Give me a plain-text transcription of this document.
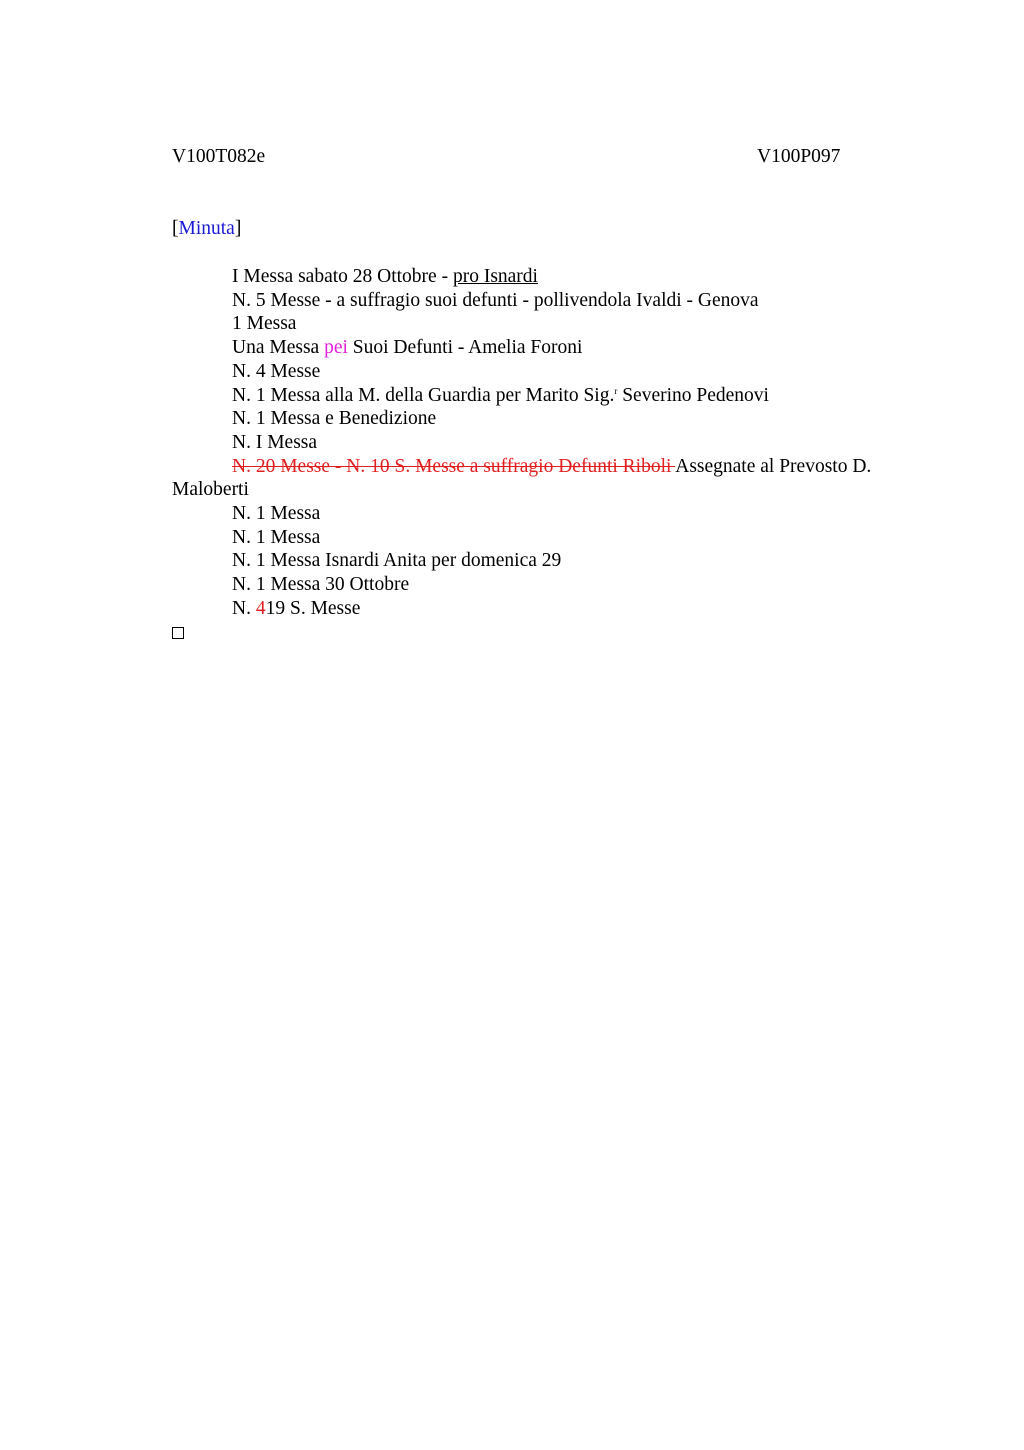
V100T082e	V100P097
[Minuta]
I Messa sabato 28 Ottobre - pro Isnardi
N. 5 Messe - a suffragio suoi defunti - pollivendola Ivaldi - Genova
1 Messa
Una Messa pei Suoi Defunti - Amelia Foroni
N. 4 Messe
N. 1 Messa alla M. della Guardia per Marito Sig.$^r$ Severino Pedenovi
N. 1 Messa e Benedizione
N. I Messa
N. 20 Messe - N. 10 S. Messe a suffragio Defunti Riboli Assegnate al Prevosto D. Maloberti
N. 1 Messa
N. 1 Messa
N. 1 Messa Isnardi Anita per domenica 29
N. 1 Messa 30 Ottobre
N. 419 S. Messe
